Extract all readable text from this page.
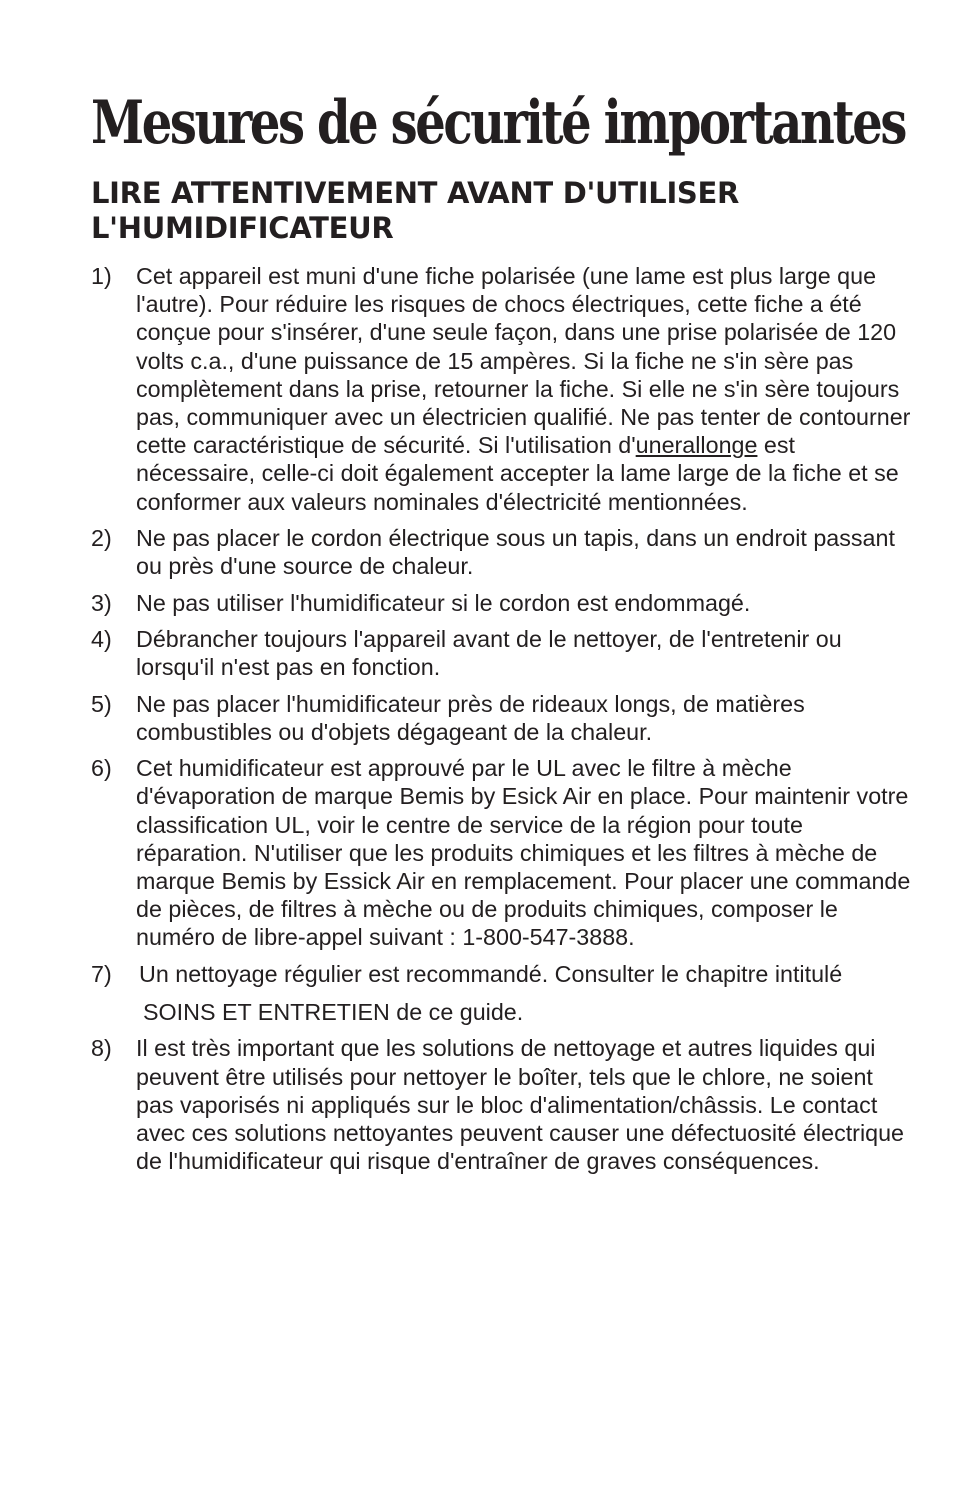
Mesures de sécurité importantes
LIRE ATTENTIVEMENT AVANT D'UTILISER
L'HUMIDIFICATEUR
1) Cet appareil est muni d'une fiche polarisée (une lame est plus large que l'autre). Pour réduire les risques de chocs électriques, cette fiche a été conçue pour s'insérer, d'une seule façon, dans une prise polarisée de 120 volts c.a., d'une puissance de 15 ampères. Si la fiche ne s'in sère pas complètement dans la prise, retourner la fiche. Si elle ne s'in sère toujours pas, communiquer avec un électricien qualifié. Ne pas tenter de contourner cette caractéristique de sécurité. Si l'utilisation d'unerallonge est nécessaire, celle-ci doit également accepter la lame large de la fiche et se conformer aux valeurs nominales d'électricité mentionnées.
2) Ne pas placer le cordon électrique sous un tapis, dans un endroit passant ou près d'une source de chaleur.
3) Ne pas utiliser l'humidificateur si le cordon est endommagé.
4) Débrancher toujours l'appareil avant de le nettoyer, de l'entretenir ou lorsqu'il n'est pas en fonction.
5) Ne pas placer l'humidificateur près de rideaux longs, de matières combustibles ou d'objets dégageant de la chaleur.
6) Cet humidificateur est approuvé par le UL avec le filtre à mèche d'évaporation de marque Bemis by Esick Air en place. Pour maintenir votre classification UL, voir le centre de service de la région pour toute réparation. N'utiliser que les produits chimiques et les filtres à mèche de marque Bemis by Essick Air en remplacement. Pour placer une commande de pièces, de filtres à mèche ou de produits chimiques, composer le numéro de libre-appel suivant : 1-800-547-3888.
7) Un nettoyage régulier est recommandé. Consulter le chapitre intitulé
SOINS ET ENTRETIEN de ce guide.
8) Il est très important que les solutions de nettoyage et autres liquides qui peuvent être utilisés pour nettoyer le boîter, tels que le chlore, ne soient pas vaporisés ni appliqués sur le bloc d'alimentation/châssis. Le contact avec ces solutions nettoyantes peuvent causer une défectuosité électrique de l'humidificateur qui risque d'entraîner de graves conséquences.
